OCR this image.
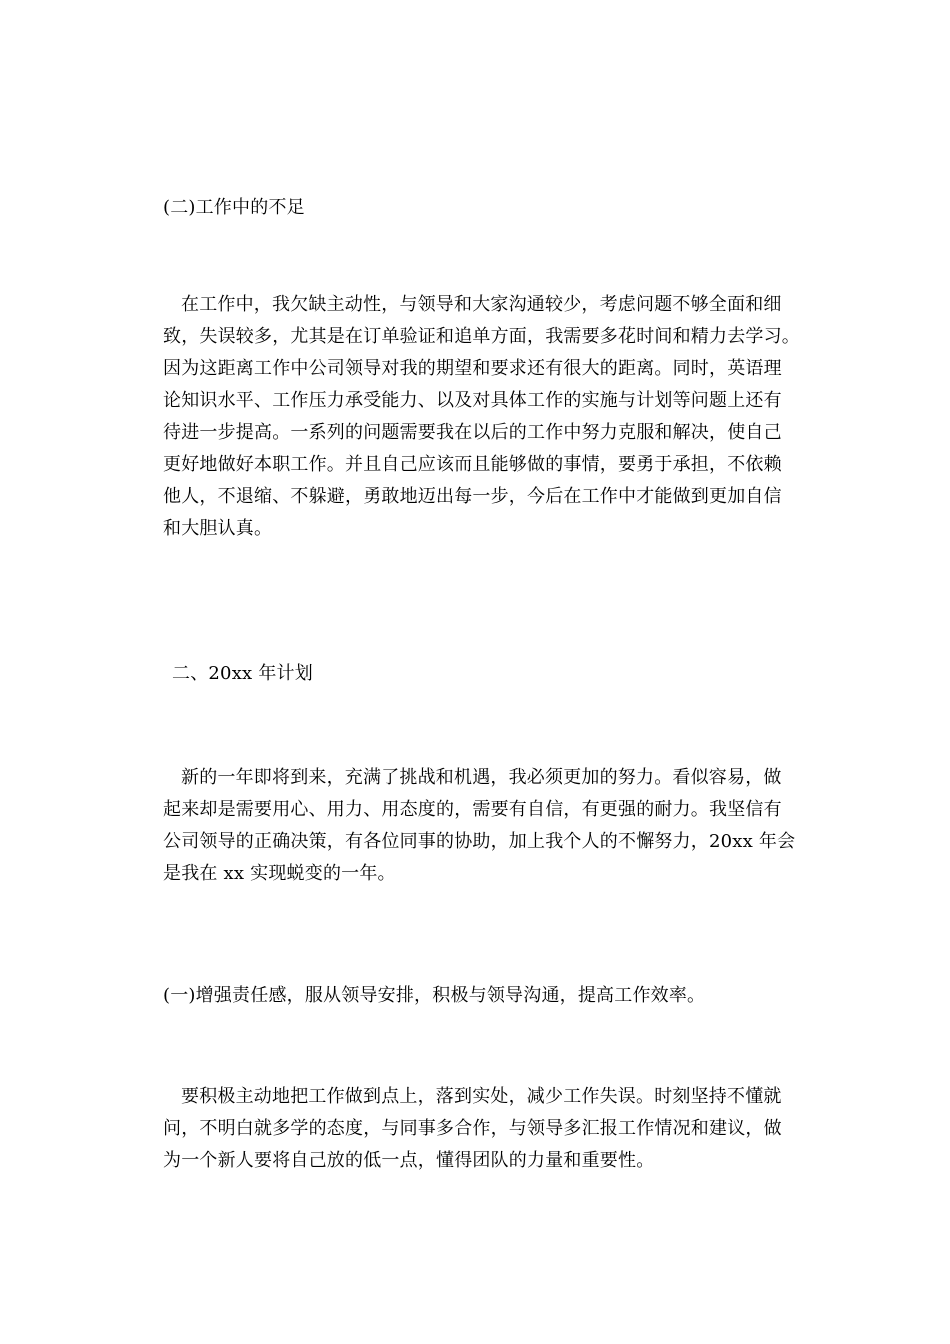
(二)工作中的不足
在工作中，我欠缺主动性，与领导和大家沟通较少，考虑问题不够全面和细
致，失误较多，尤其是在订单验证和追单方面，我需要多花时间和精力去学习。
因为这距离工作中公司领导对我的期望和要求还有很大的距离。同时，英语理
论知识水平、工作压力承受能力、以及对具体工作的实施与计划等问题上还有
待进一步提高。一系列的问题需要我在以后的工作中努力克服和解决，使自己
更好地做好本职工作。并且自己应该而且能够做的事情，要勇于承担，不依赖
他人，不退缩、不躲避，勇敢地迈出每一步，今后在工作中才能做到更加自信
和大胆认真。
二、20xx 年计划
新的一年即将到来，充满了挑战和机遇，我必须更加的努力。看似容易，做
起来却是需要用心、用力、用态度的，需要有自信，有更强的耐力。我坚信有
公司领导的正确决策，有各位同事的协助，加上我个人的不懈努力，20xx 年会
是我在 xx 实现蜕变的一年。
(一)增强责任感，服从领导安排，积极与领导沟通，提高工作效率。
要积极主动地把工作做到点上，落到实处，减少工作失误。时刻坚持不懂就
问，不明白就多学的态度，与同事多合作，与领导多汇报工作情况和建议，做
为一个新人要将自己放的低一点，懂得团队的力量和重要性。
